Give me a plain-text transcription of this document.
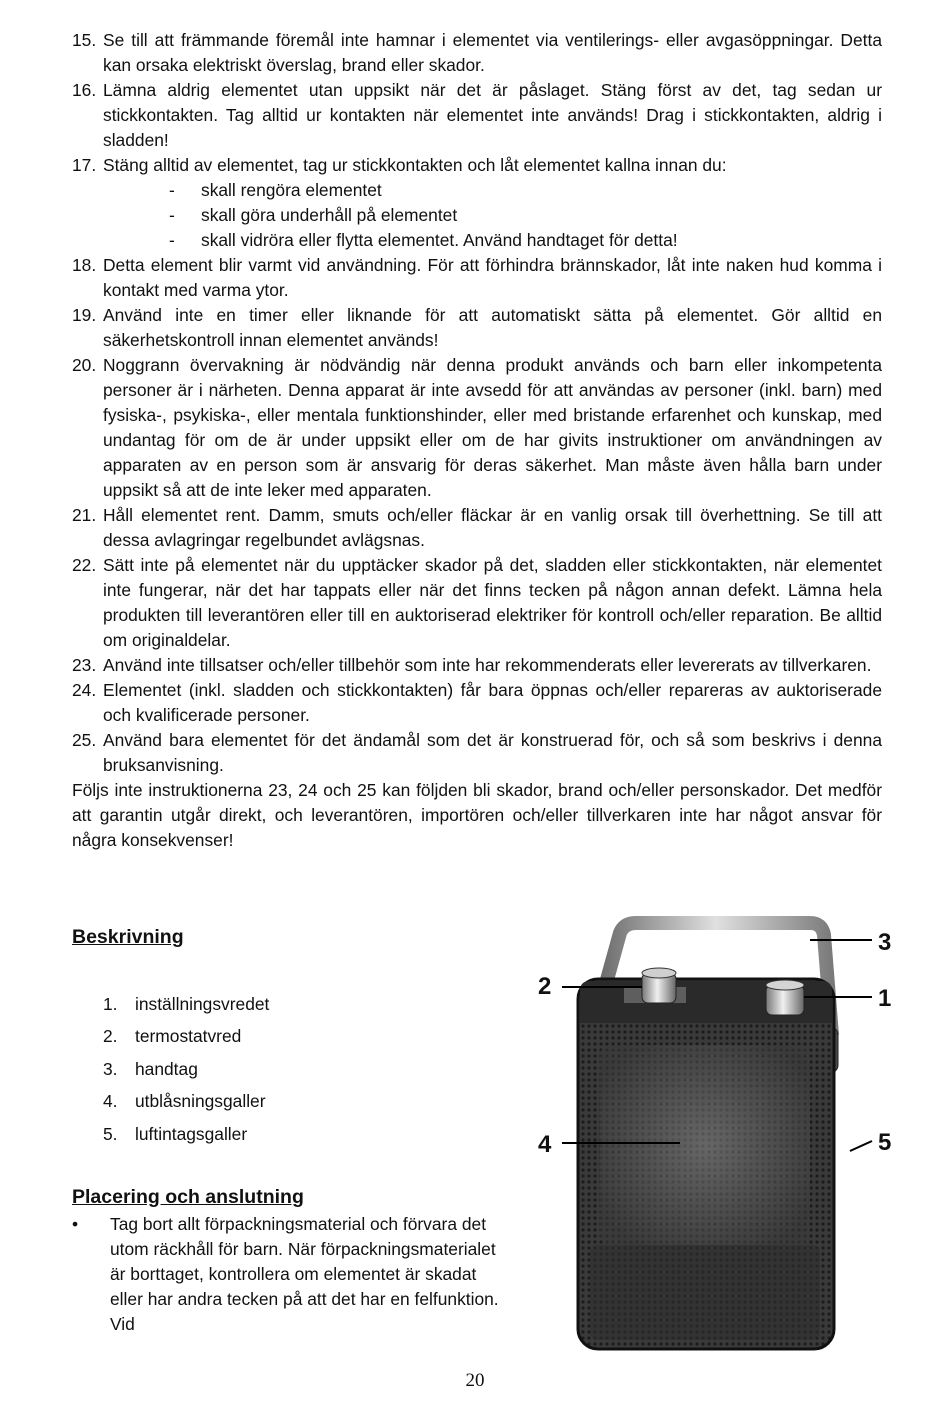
15. Se till att främmande föremål inte hamnar i elementet via ventilerings- eller avgasöppningar. Detta kan orsaka elektriskt överslag, brand eller skador.
16. Lämna aldrig elementet utan uppsikt när det är påslaget. Stäng först av det, tag sedan ur stickkontakten. Tag alltid ur kontakten när elementet inte används! Drag i stickkontakten, aldrig i sladden!
17. Stäng alltid av elementet, tag ur stickkontakten och låt elementet kallna innan du:
- skall rengöra elementet
- skall göra underhåll på elementet
- skall vidröra eller flytta elementet. Använd handtaget för detta!
18. Detta element blir varmt vid användning. För att förhindra brännskador, låt inte naken hud komma i kontakt med varma ytor.
19. Använd inte en timer eller liknande för att automatiskt sätta på elementet. Gör alltid en säkerhetskontroll innan elementet används!
20. Noggrann övervakning är nödvändig när denna produkt används och barn eller inkompetenta personer är i närheten. Denna apparat är inte avsedd för att användas av personer (inkl. barn) med fysiska-, psykiska-, eller mentala funktionshinder, eller med bristande erfarenhet och kunskap, med undantag för om de är under uppsikt eller om de har givits instruktioner om användningen av apparaten av en person som är ansvarig för deras säkerhet. Man måste även hålla barn under uppsikt så att de inte leker med apparaten.
21. Håll elementet rent. Damm, smuts och/eller fläckar är en vanlig orsak till överhettning. Se till att dessa avlagringar regelbundet avlägsnas.
22. Sätt inte på elementet när du upptäcker skador på det, sladden eller stickkontakten, när elementet inte fungerar, när det har tappats eller när det finns tecken på någon annan defekt. Lämna hela produkten till leverantören eller till en auktoriserad elektriker för kontroll och/eller reparation. Be alltid om originaldelar.
23. Använd inte tillsatser och/eller tillbehör som inte har rekommenderats eller levererats av tillverkaren.
24. Elementet (inkl. sladden och stickkontakten) får bara öppnas och/eller repareras av auktoriserade och kvalificerade personer.
25. Använd bara elementet för det ändamål som det är konstruerad för, och så som beskrivs i denna bruksanvisning.
Följs inte instruktionerna 23, 24 och 25 kan följden bli skador, brand och/eller personskador. Det medför att garantin utgår direkt, och leverantören, importören och/eller tillverkaren inte har något ansvar för några konsekvenser!
Beskrivning
1. inställningsvredet
2. termostatvred
3. handtag
4. utblåsningsgaller
5. luftintagsgaller
Placering och anslutning
• Tag bort allt förpackningsmaterial och förvara det utom räckhåll för barn. När förpackningsmaterialet är borttaget, kontrollera om elementet är skadat eller har andra tecken på att det har en felfunktion. Vid
3
2	1
4	5
20
